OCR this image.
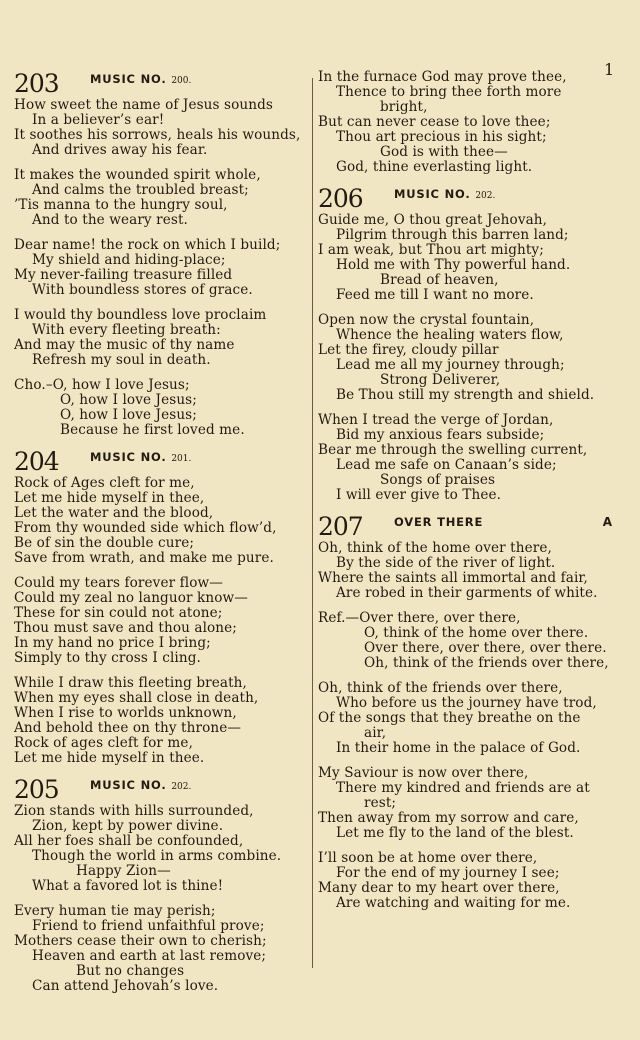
1
203	MUSIC NO. 200.
How sweet the name of Jesus sounds
In a believer’s ear!
It soothes his sorrows, heals his wounds,
And drives away his fear.
It makes the wounded spirit whole,
And calms the troubled breast;
’Tis manna to the hungry soul,
And to the weary rest.
Dear name! the rock on which I build;
My shield and hiding-place;
My never-failing treasure filled
With boundless stores of grace.
I would thy boundless love proclaim
With every fleeting breath:
And may the music of thy name
Refresh my soul in death.
Cho.–O, how I love Jesus;
O, how I love Jesus;
O, how I love Jesus;
Because he first loved me.
204	MUSIC NO. 201.
Rock of Ages cleft for me,
Let me hide myself in thee,
Let the water and the blood,
From thy wounded side which flow’d,
Be of sin the double cure;
Save from wrath, and make me pure.
Could my tears forever flow—
Could my zeal no languor know—
These for sin could not atone;
Thou must save and thou alone;
In my hand no price I bring;
Simply to thy cross I cling.
While I draw this fleeting breath,
When my eyes shall close in death,
When I rise to worlds unknown,
And behold thee on thy throne—
Rock of ages cleft for me,
Let me hide myself in thee.
205	MUSIC NO. 202.
Zion stands with hills surrounded,
Zion, kept by power divine.
All her foes shall be confounded,
Though the world in arms combine.
Happy Zion—
What a favored lot is thine!
Every human tie may perish;
Friend to friend unfaithful prove;
Mothers cease their own to cherish;
Heaven and earth at last remove;
But no changes
Can attend Jehovah’s love.
In the furnace God may prove thee,
Thence to bring thee forth more
bright,
But can never cease to love thee;
Thou art precious in his sight;
God is with thee—
God, thine everlasting light.
206	MUSIC NO. 202.
Guide me, O thou great Jehovah,
Pilgrim through this barren land;
I am weak, but Thou art mighty;
Hold me with Thy powerful hand.
Bread of heaven,
Feed me till I want no more.
Open now the crystal fountain,
Whence the healing waters flow,
Let the firey, cloudy pillar
Lead me all my journey through;
Strong Deliverer,
Be Thou still my strength and shield.
When I tread the verge of Jordan,
Bid my anxious fears subside;
Bear me through the swelling current,
Lead me safe on Canaan’s side;
Songs of praises
I will ever give to Thee.
207	OVER THERE	A
Oh, think of the home over there,
By the side of the river of light.
Where the saints all immortal and fair,
Are robed in their garments of white.
Ref.—Over there, over there,
O, think of the home over there.
Over there, over there, over there.
Oh, think of the friends over there,
Oh, think of the friends over there,
Who before us the journey have trod,
Of the songs that they breathe on the
air,
In their home in the palace of God.
My Saviour is now over there,
There my kindred and friends are at
rest;
Then away from my sorrow and care,
Let me fly to the land of the blest.
I’ll soon be at home over there,
For the end of my journey I see;
Many dear to my heart over there,
Are watching and waiting for me.
